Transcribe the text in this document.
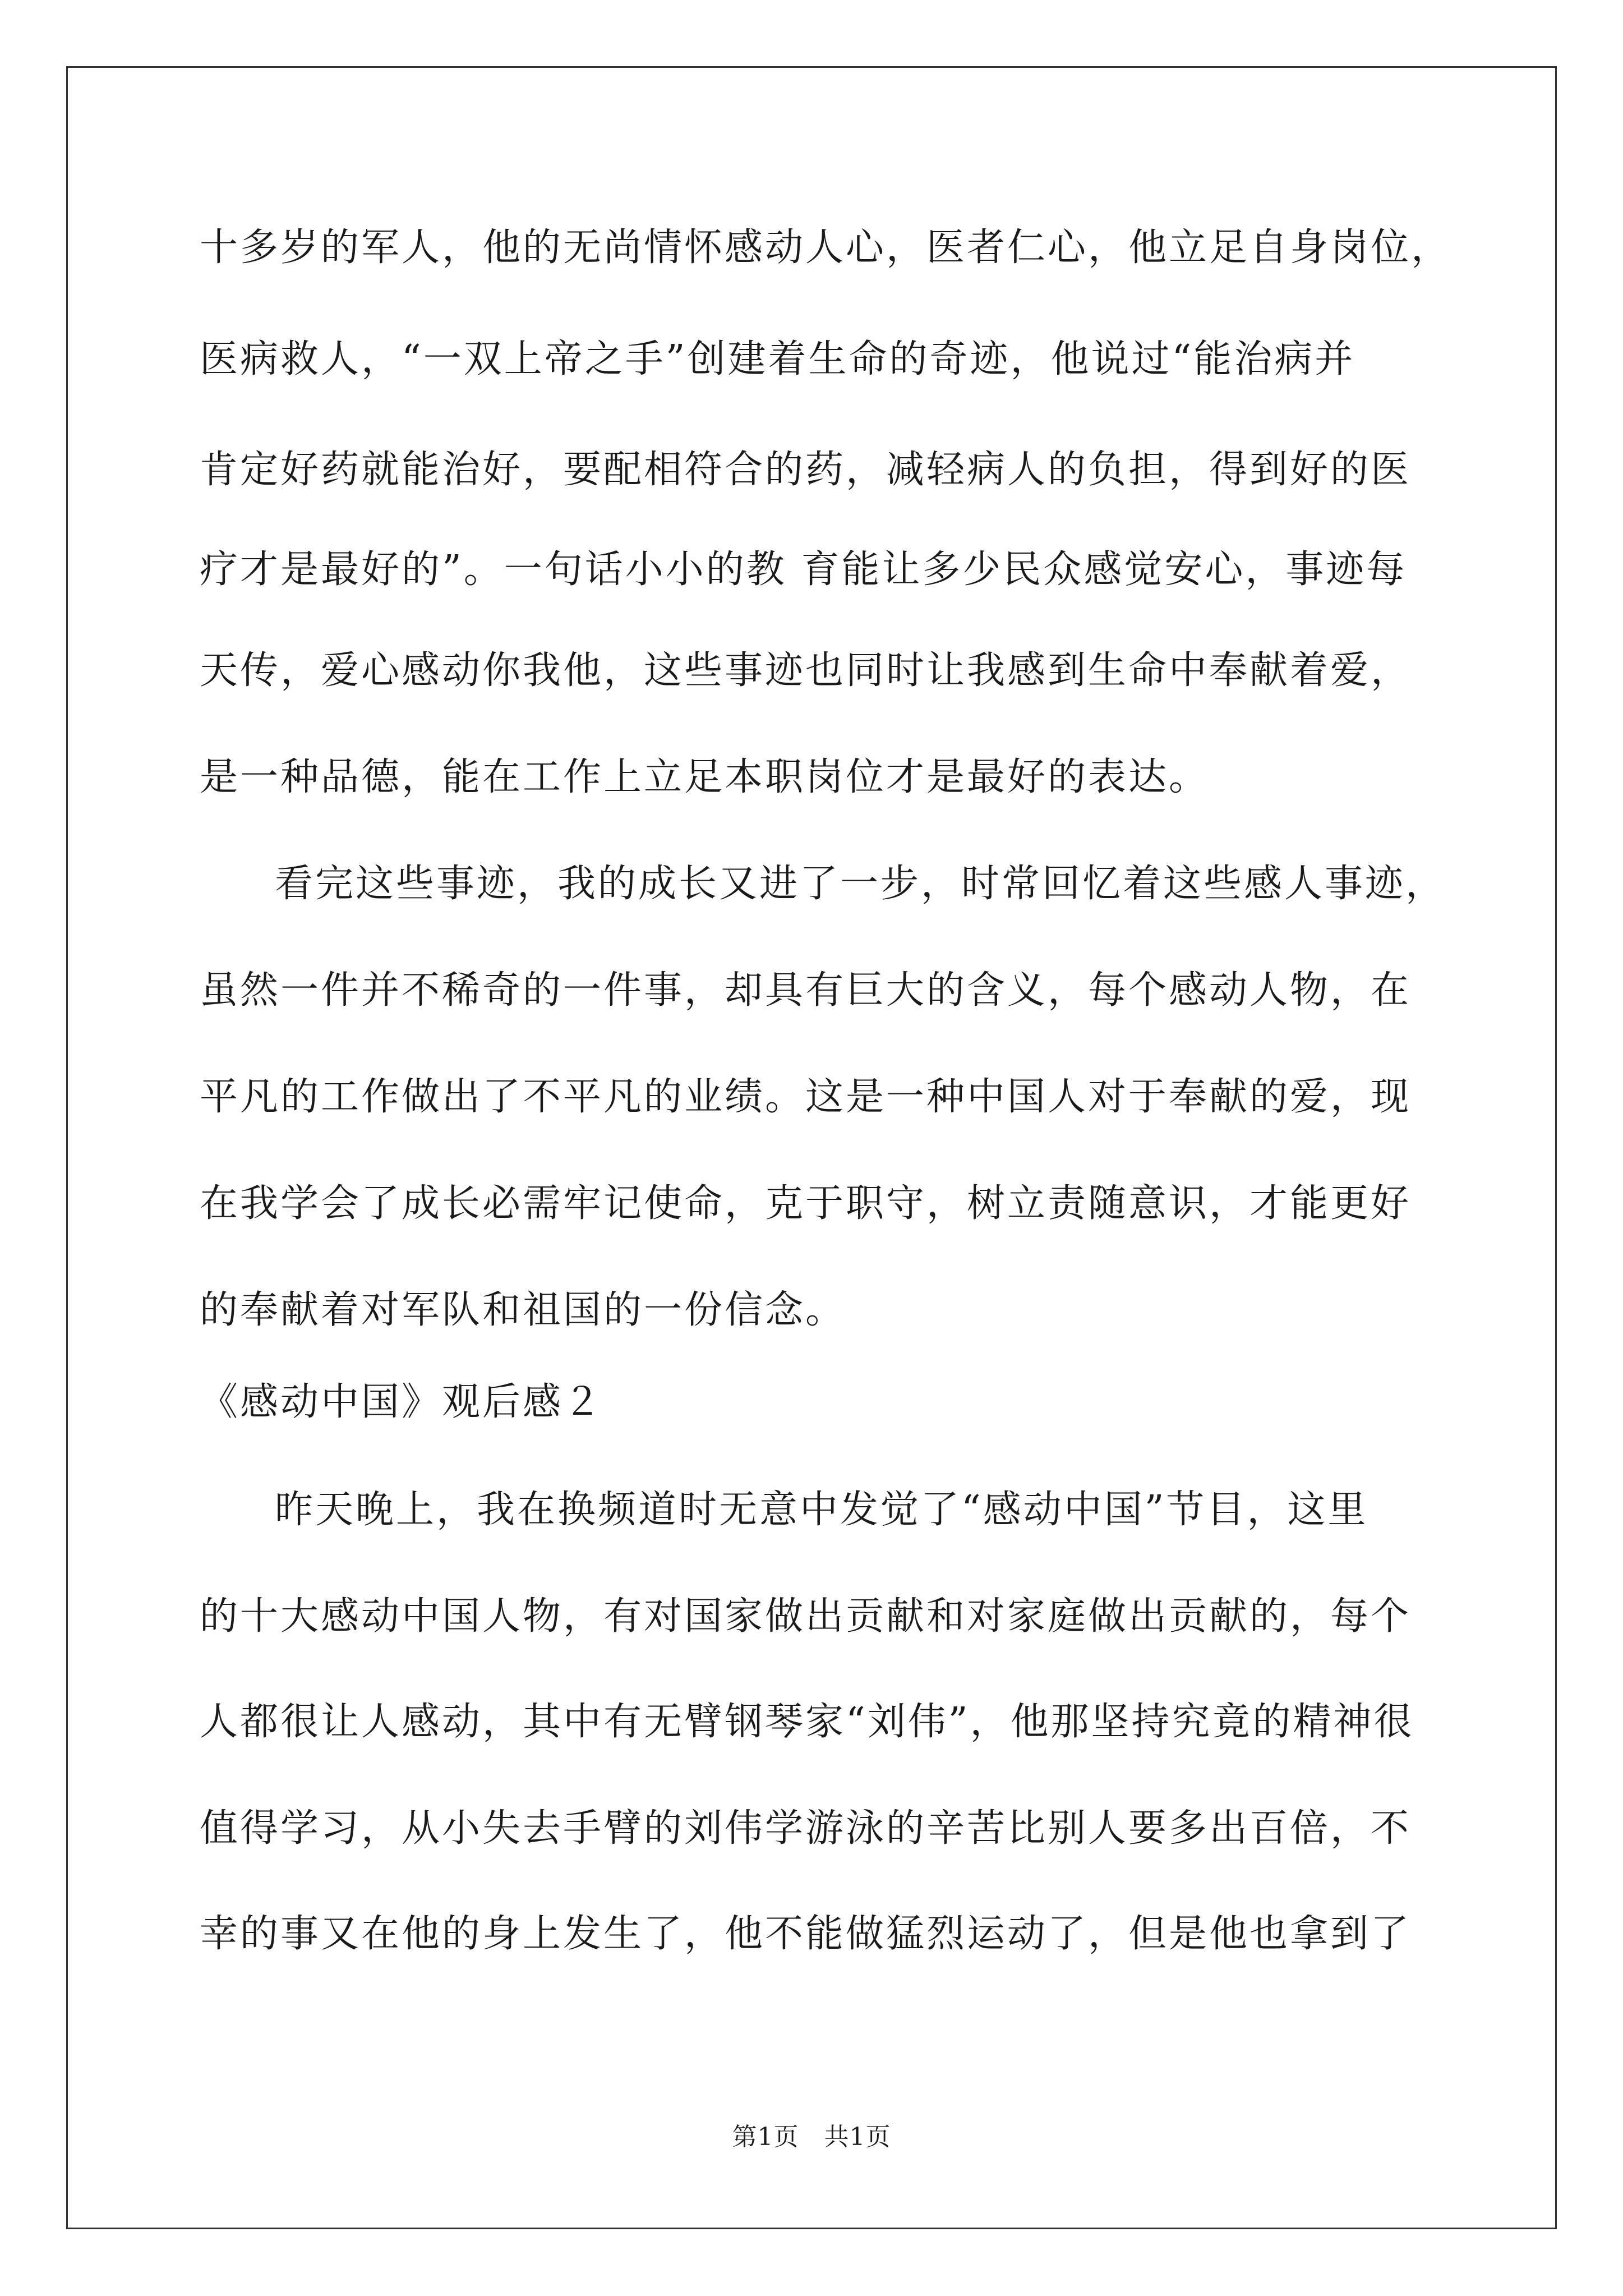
十多岁的军人，他的无尚情怀感动人心，医者仁心，他立足自身岗位，
医病救人，“一双上帝之手”创建着生命的奇迹，他说过“能治病并
肯定好药就能治好，要配相符合的药，减轻病人的负担，得到好的医
疗才是最好的”。一句话小小的教 育能让多少民众感觉安心，事迹每
天传，爱心感动你我他，这些事迹也同时让我感到生命中奉献着爱，
是一种品德，能在工作上立足本职岗位才是最好的表达。
看完这些事迹，我的成长又进了一步，时常回忆着这些感人事迹，
虽然一件并不稀奇的一件事，却具有巨大的含义，每个感动人物，在
平凡的工作做出了不平凡的业绩。这是一种中国人对于奉献的爱，现
在我学会了成长必需牢记使命，克于职守，树立责随意识，才能更好
的奉献着对军队和祖国的一份信念。
《感动中国》观后感２
昨天晚上，我在换频道时无意中发觉了“感动中国”节目，这里
的十大感动中国人物，有对国家做出贡献和对家庭做出贡献的，每个
人都很让人感动，其中有无臂钢琴家“刘伟”，他那坚持究竟的精神很
值得学习，从小失去手臂的刘伟学游泳的辛苦比别人要多出百倍，不
幸的事又在他的身上发生了，他不能做猛烈运动了，但是他也拿到了
第1页　共1页
